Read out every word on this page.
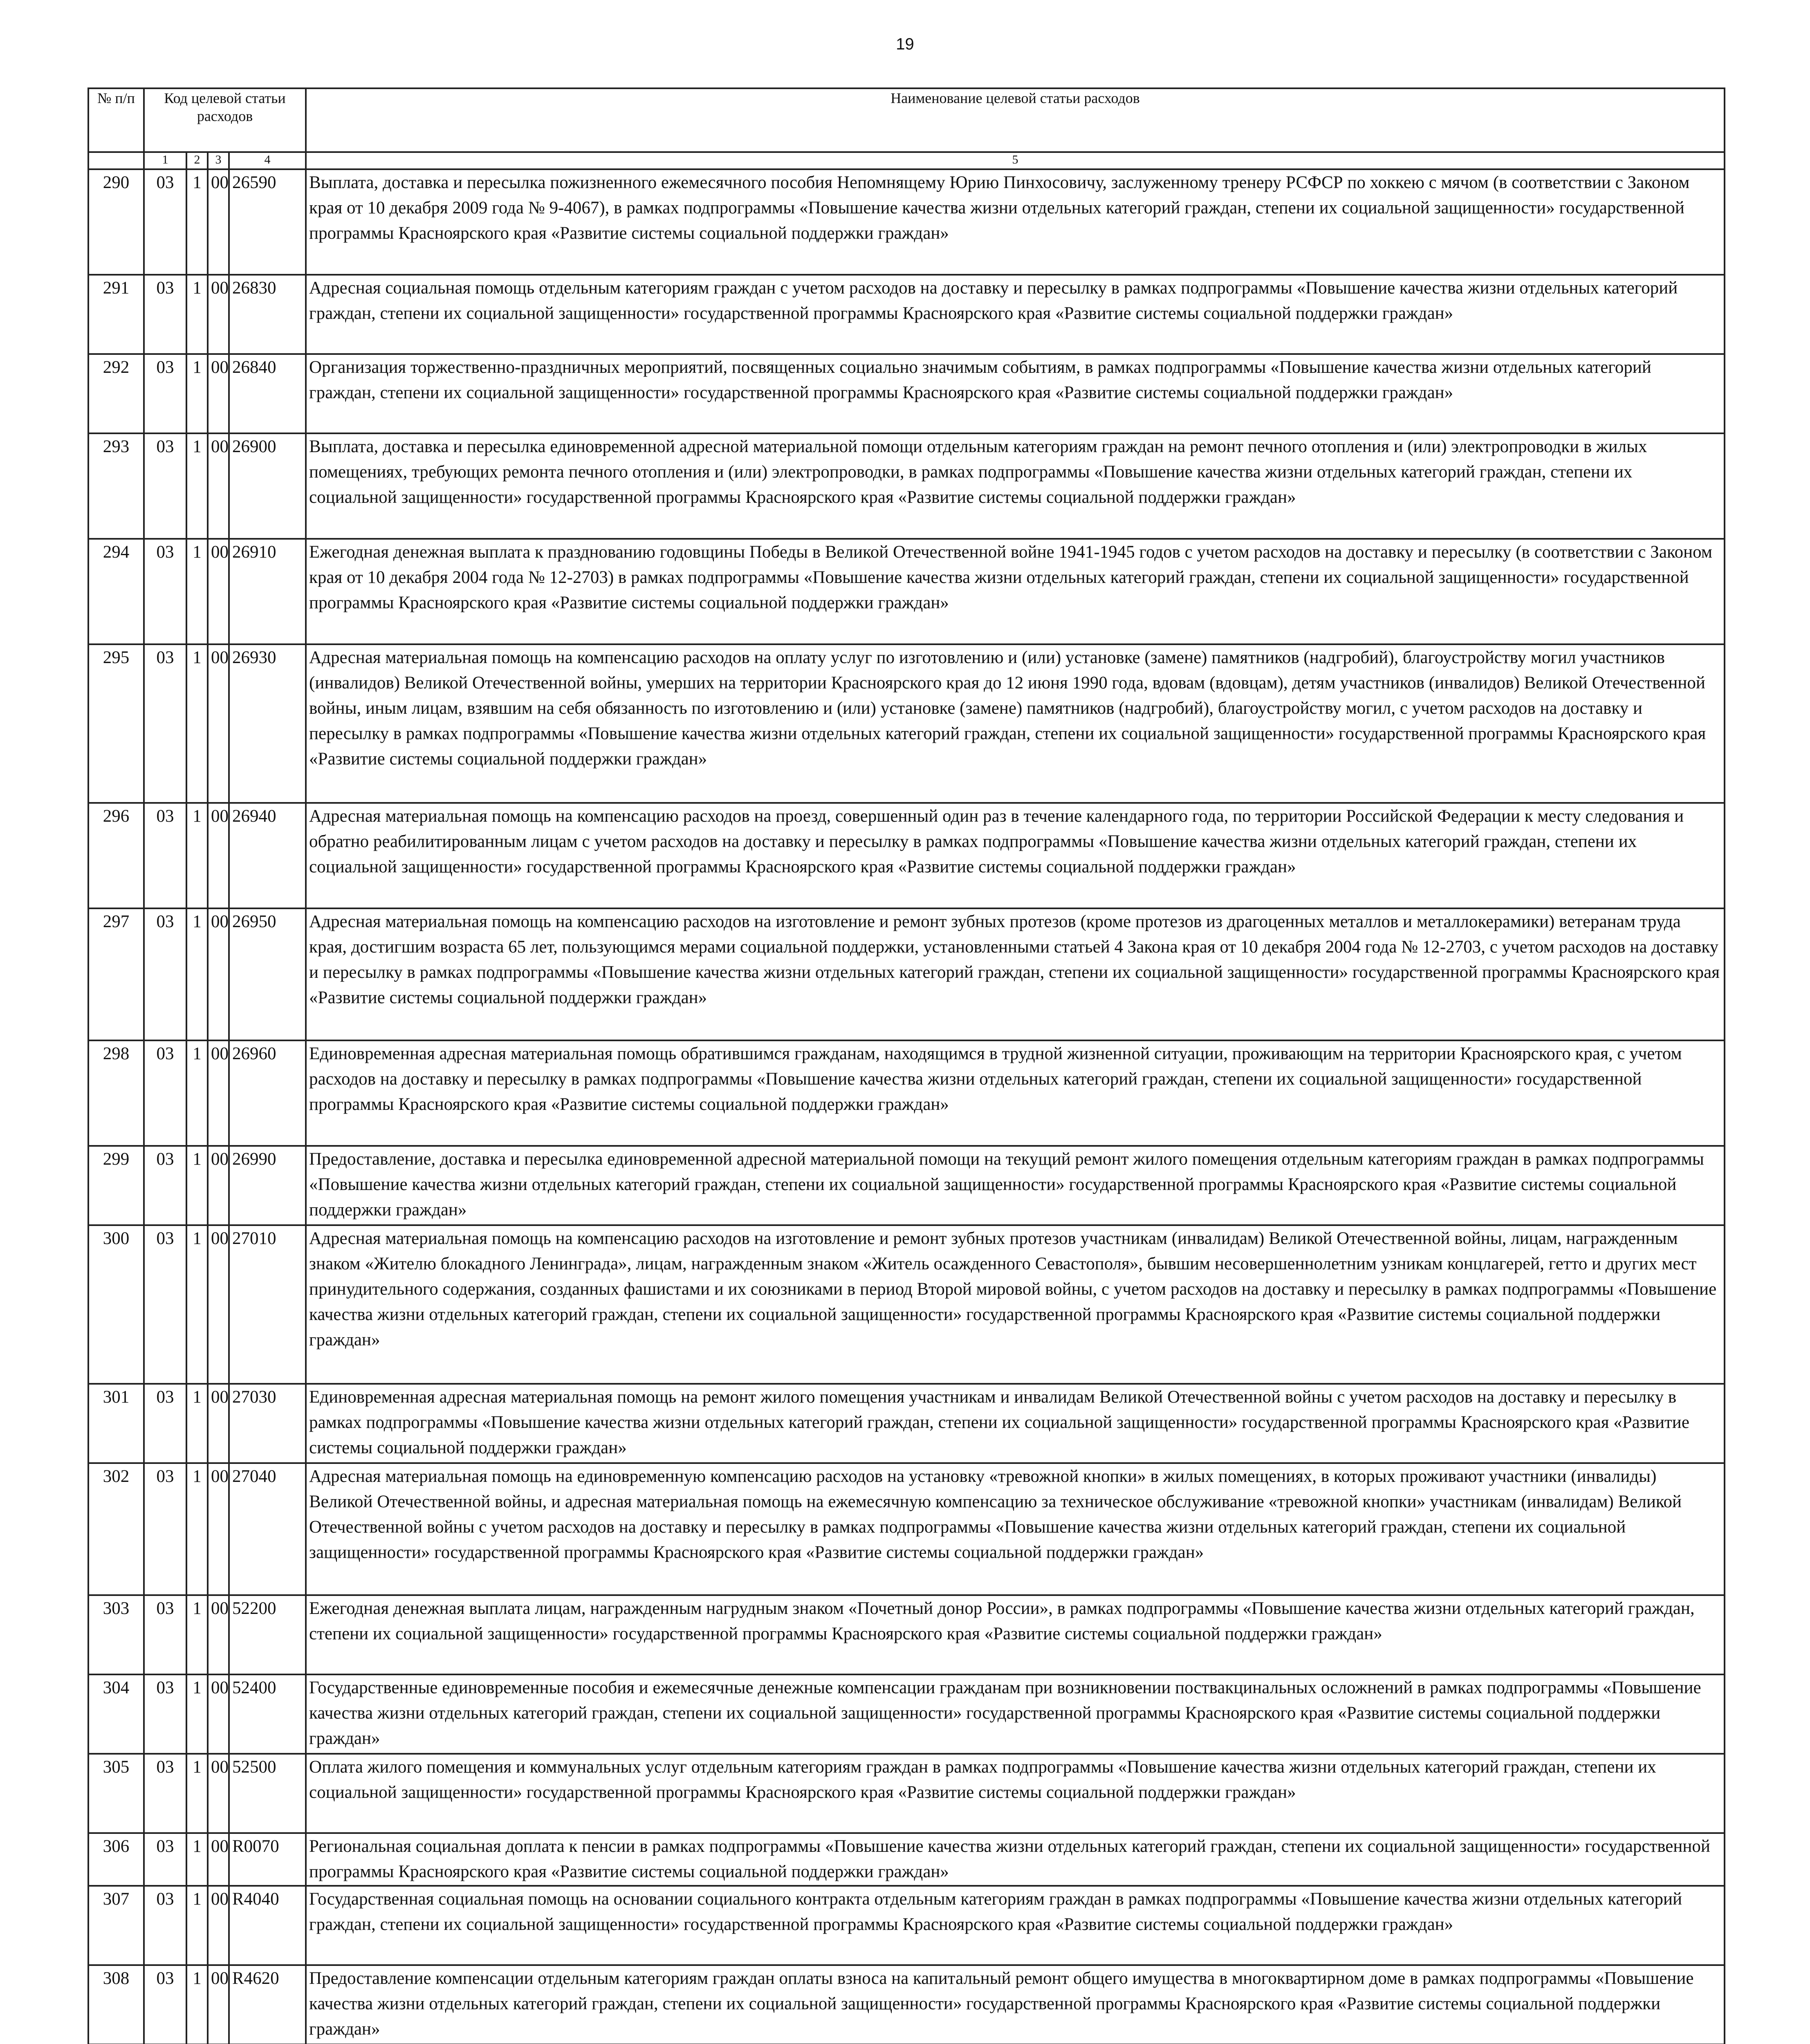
19
№ п/п	Код целевой статьи расходов				Наименование целевой статьи расходов
	1	2	3	4	5
290	03	1	00	26590	Выплата, доставка и пересылка пожизненного ежемесячного пособия Непомнящему Юрию Пинхосовичу, заслуженному тренеру РСФСР по хоккею с мячом (в соответствии с Законом края от 10 декабря 2009 года № 9-4067), в рамках подпрограммы «Повышение качества жизни отдельных категорий граждан, степени их социальной защищенности» государственной программы Красноярского края «Развитие системы социальной поддержки граждан»
291	03	1	00	26830	Адресная социальная помощь отдельным категориям граждан с учетом расходов на доставку и пересылку в рамках подпрограммы «Повышение качества жизни отдельных категорий граждан, степени их социальной защищенности» государственной программы Красноярского края «Развитие системы социальной поддержки граждан»
292	03	1	00	26840	Организация торжественно-праздничных мероприятий, посвященных социально значимым событиям, в рамках подпрограммы «Повышение качества жизни отдельных категорий граждан, степени их социальной защищенности» государственной программы Красноярского края «Развитие системы социальной поддержки граждан»
293	03	1	00	26900	Выплата, доставка и пересылка единовременной адресной материальной помощи отдельным категориям граждан на ремонт печного отопления и (или) электропроводки в жилых помещениях, требующих ремонта печного отопления и (или) электропроводки, в рамках подпрограммы «Повышение качества жизни отдельных категорий граждан, степени их социальной защищенности» государственной программы Красноярского края «Развитие системы социальной поддержки граждан»
294	03	1	00	26910	Ежегодная денежная выплата к празднованию годовщины Победы в Великой Отечественной войне 1941-1945 годов с учетом расходов на доставку и пересылку (в соответствии с Законом края от 10 декабря 2004 года № 12-2703) в рамках подпрограммы «Повышение качества жизни отдельных категорий граждан, степени их социальной защищенности» государственной программы Красноярского края «Развитие системы социальной поддержки граждан»
295	03	1	00	26930	Адресная материальная помощь на компенсацию расходов на оплату услуг по изготовлению и (или) установке (замене) памятников (надгробий), благоустройству могил участников (инвалидов) Великой Отечественной войны, умерших на территории Красноярского края до 12 июня 1990 года, вдовам (вдовцам), детям участников (инвалидов) Великой Отечественной войны, иным лицам, взявшим на себя обязанность по изготовлению и (или) установке (замене) памятников (надгробий), благоустройству могил, с учетом расходов на доставку и пересылку в рамках подпрограммы «Повышение качества жизни отдельных категорий граждан, степени их социальной защищенности» государственной программы Красноярского края «Развитие системы социальной поддержки граждан»
296	03	1	00	26940	Адресная материальная помощь на компенсацию расходов на проезд, совершенный один раз в течение календарного года, по территории Российской Федерации к месту следования и обратно реабилитированным лицам с учетом расходов на доставку и пересылку в рамках подпрограммы «Повышение качества жизни отдельных категорий граждан, степени их социальной защищенности» государственной программы Красноярского края «Развитие системы социальной поддержки граждан»
297	03	1	00	26950	Адресная материальная помощь на компенсацию расходов на изготовление и ремонт зубных протезов (кроме протезов из драгоценных металлов и металлокерамики) ветеранам труда края, достигшим возраста 65 лет, пользующимся мерами социальной поддержки, установленными статьей 4 Закона края от 10 декабря 2004 года № 12-2703, с учетом расходов на доставку и пересылку в рамках подпрограммы «Повышение качества жизни отдельных категорий граждан, степени их социальной защищенности» государственной программы Красноярского края «Развитие системы социальной поддержки граждан»
298	03	1	00	26960	Единовременная адресная материальная помощь обратившимся гражданам, находящимся в трудной жизненной ситуации, проживающим на территории Красноярского края, с учетом расходов на доставку и пересылку в рамках подпрограммы «Повышение качества жизни отдельных категорий граждан, степени их социальной защищенности» государственной программы Красноярского края «Развитие системы социальной поддержки граждан»
299	03	1	00	26990	Предоставление, доставка и пересылка единовременной адресной материальной помощи на текущий ремонт жилого помещения отдельным категориям граждан в рамках подпрограммы «Повышение качества жизни отдельных категорий граждан, степени их социальной защищенности» государственной программы Красноярского края «Развитие системы социальной поддержки граждан»
300	03	1	00	27010	Адресная материальная помощь на компенсацию расходов на изготовление и ремонт зубных протезов участникам (инвалидам) Великой Отечественной войны, лицам, награжденным знаком «Жителю блокадного Ленинграда», лицам, награжденным знаком «Житель осажденного Севастополя», бывшим несовершеннолетним узникам концлагерей, гетто и других мест принудительного содержания, созданных фашистами и их союзниками в период Второй мировой войны, с учетом расходов на доставку и пересылку в рамках подпрограммы «Повышение качества жизни отдельных категорий граждан, степени их социальной защищенности» государственной программы Красноярского края «Развитие системы социальной поддержки граждан»
301	03	1	00	27030	Единовременная адресная материальная помощь на ремонт жилого помещения участникам и инвалидам Великой Отечественной войны с учетом расходов на доставку и пересылку в рамках подпрограммы «Повышение качества жизни отдельных категорий граждан, степени их социальной защищенности» государственной программы Красноярского края «Развитие системы социальной поддержки граждан»
302	03	1	00	27040	Адресная материальная помощь на единовременную компенсацию расходов на установку «тревожной кнопки» в жилых помещениях, в которых проживают участники (инвалиды) Великой Отечественной войны, и адресная материальная помощь на ежемесячную компенсацию за техническое обслуживание «тревожной кнопки» участникам (инвалидам) Великой Отечественной войны с учетом расходов на доставку и пересылку в рамках подпрограммы «Повышение качества жизни отдельных категорий граждан, степени их социальной защищенности» государственной программы Красноярского края «Развитие системы социальной поддержки граждан»
303	03	1	00	52200	Ежегодная денежная выплата лицам, награжденным нагрудным знаком «Почетный донор России», в рамках подпрограммы «Повышение качества жизни отдельных категорий граждан, степени их социальной защищенности» государственной программы Красноярского края «Развитие системы социальной поддержки граждан»
304	03	1	00	52400	Государственные единовременные пособия и ежемесячные денежные компенсации гражданам при возникновении поствакцинальных осложнений в рамках подпрограммы «Повышение качества жизни отдельных категорий граждан, степени их социальной защищенности» государственной программы Красноярского края «Развитие системы социальной поддержки граждан»
305	03	1	00	52500	Оплата жилого помещения и коммунальных услуг отдельным категориям граждан в рамках подпрограммы «Повышение качества жизни отдельных категорий граждан, степени их социальной защищенности» государственной программы Красноярского края «Развитие системы социальной поддержки граждан»
306	03	1	00	R0070	Региональная социальная доплата к пенсии в рамках подпрограммы «Повышение качества жизни отдельных категорий граждан, степени их социальной защищенности» государственной программы Красноярского края «Развитие системы социальной поддержки граждан»
307	03	1	00	R4040	Государственная социальная помощь на основании социального контракта отдельным категориям граждан в рамках подпрограммы «Повышение качества жизни отдельных категорий граждан, степени их социальной защищенности» государственной программы Красноярского края «Развитие системы социальной поддержки граждан»
308	03	1	00	R4620	Предоставление компенсации отдельным категориям граждан оплаты взноса на капитальный ремонт общего имущества в многоквартирном доме в рамках подпрограммы «Повышение качества жизни отдельных категорий граждан, степени их социальной защищенности» государственной программы Красноярского края «Развитие системы социальной поддержки граждан»
